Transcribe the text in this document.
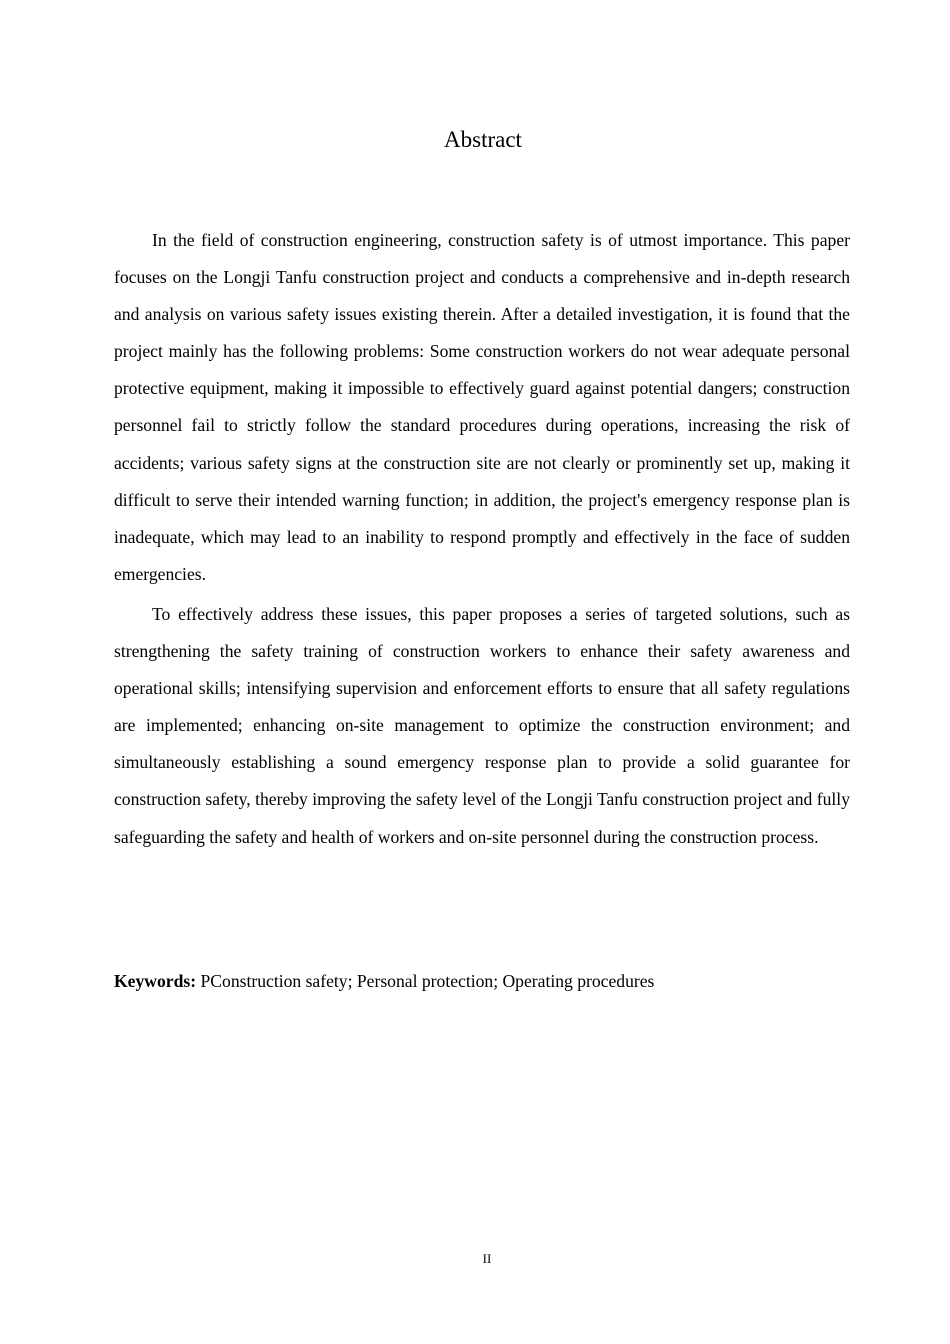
Abstract

In the field of construction engineering, construction safety is of utmost importance. This paper focuses on the Longji Tanfu construction project and conducts a comprehensive and in-depth research and analysis on various safety issues existing therein. After a detailed investigation, it is found that the project mainly has the following problems: Some construction workers do not wear adequate personal protective equipment, making it impossible to effectively guard against potential dangers; construction personnel fail to strictly follow the standard procedures during operations, increasing the risk of accidents; various safety signs at the construction site are not clearly or prominently set up, making it difficult to serve their intended warning function; in addition, the project's emergency response plan is inadequate, which may lead to an inability to respond promptly and effectively in the face of sudden emergencies.

To effectively address these issues, this paper proposes a series of targeted solutions, such as strengthening the safety training of construction workers to enhance their safety awareness and operational skills; intensifying supervision and enforcement efforts to ensure that all safety regulations are implemented; enhancing on-site management to optimize the construction environment; and simultaneously establishing a sound emergency response plan to provide a solid guarantee for construction safety, thereby improving the safety level of the Longji Tanfu construction project and fully safeguarding the safety and health of workers and on-site personnel during the construction process.

Keywords: PConstruction safety; Personal protection; Operating procedures

II
